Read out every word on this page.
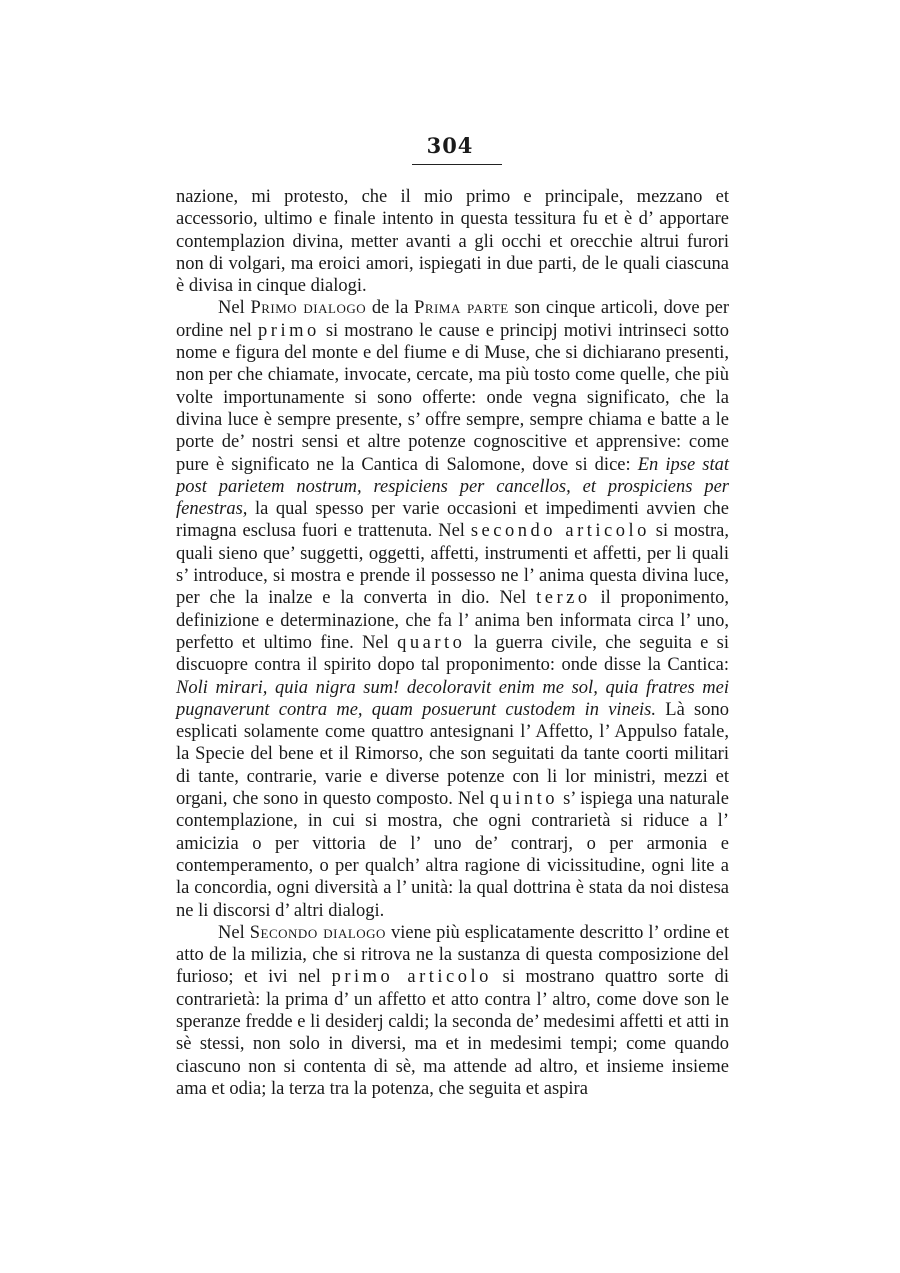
304

nazione, mi protesto, che il mio primo e principale, mezzano et accessorio, ultimo e finale intento in questa tessitura fu et è d’ apportare contemplazion divina, metter avanti a gli occhi et orecchie altrui furori non di volgari, ma eroici amori, ispiegati in due parti, de le quali ciascuna è divisa in cinque dialogi.

Nel Primo dialogo de la Prima parte son cinque articoli, dove per ordine nel primo si mostrano le cause e principj motivi intrinseci sotto nome e figura del monte e del fiume e di Muse, che si dichiarano presenti, non per che chiamate, invocate, cercate, ma più tosto come quelle, che più volte importunamente si sono offerte: onde vegna significato, che la divina luce è sempre presente, s’ offre sempre, sempre chiama e batte a le porte de’ nostri sensi et altre potenze cognoscitive et apprensive: come pure è significato ne la Cantica di Salomone, dove si dice: En ipse stat post parietem nostrum, respiciens per cancellos, et prospiciens per fenestras, la qual spesso per varie occasioni et impedimenti avvien che rimagna esclusa fuori e trattenuta. Nel secondo articolo si mostra, quali sieno que’ suggetti, oggetti, affetti, instrumenti et affetti, per li quali s’ introduce, si mostra e prende il possesso ne l’ anima questa divina luce, per che la inalze e la converta in dio. Nel terzo il proponimento, definizione e determinazione, che fa l’ anima ben informata circa l’ uno, perfetto et ultimo fine. Nel quarto la guerra civile, che seguita e si discuopre contra il spirito dopo tal proponimento: onde disse la Cantica: Noli mirari, quia nigra sum! decoloravit enim me sol, quia fratres mei pugnaverunt contra me, quam posuerunt custodem in vineis. Là sono esplicati solamente come quattro antesignani l’ Affetto, l’ Appulso fatale, la Specie del bene et il Rimorso, che son seguitati da tante coorti militari di tante, contrarie, varie e diverse potenze con li lor ministri, mezzi et organi, che sono in questo composto. Nel quinto s’ ispiega una naturale contemplazione, in cui si mostra, che ogni contrarietà si riduce a l’ amicizia o per vittoria de l’ uno de’ contrarj, o per armonia e contemperamento, o per qualch’ altra ragione di vicissitudine, ogni lite a la concordia, ogni diversità a l’ unità: la qual dottrina è stata da noi distesa ne li discorsi d’ altri dialogi.

Nel Secondo dialogo viene più esplicatamente descritto l’ ordine et atto de la milizia, che si ritrova ne la sustanza di questa composizione del furioso; et ivi nel primo articolo si mostrano quattro sorte di contrarietà: la prima d’ un affetto et atto contra l’ altro, come dove son le speranze fredde e li desiderj caldi; la seconda de’ medesimi affetti et atti in sè stessi, non solo in diversi, ma et in medesimi tempi; come quando ciascuno non si contenta di sè, ma attende ad altro, et insieme insieme ama et odia; la terza tra la potenza, che seguita et aspira
